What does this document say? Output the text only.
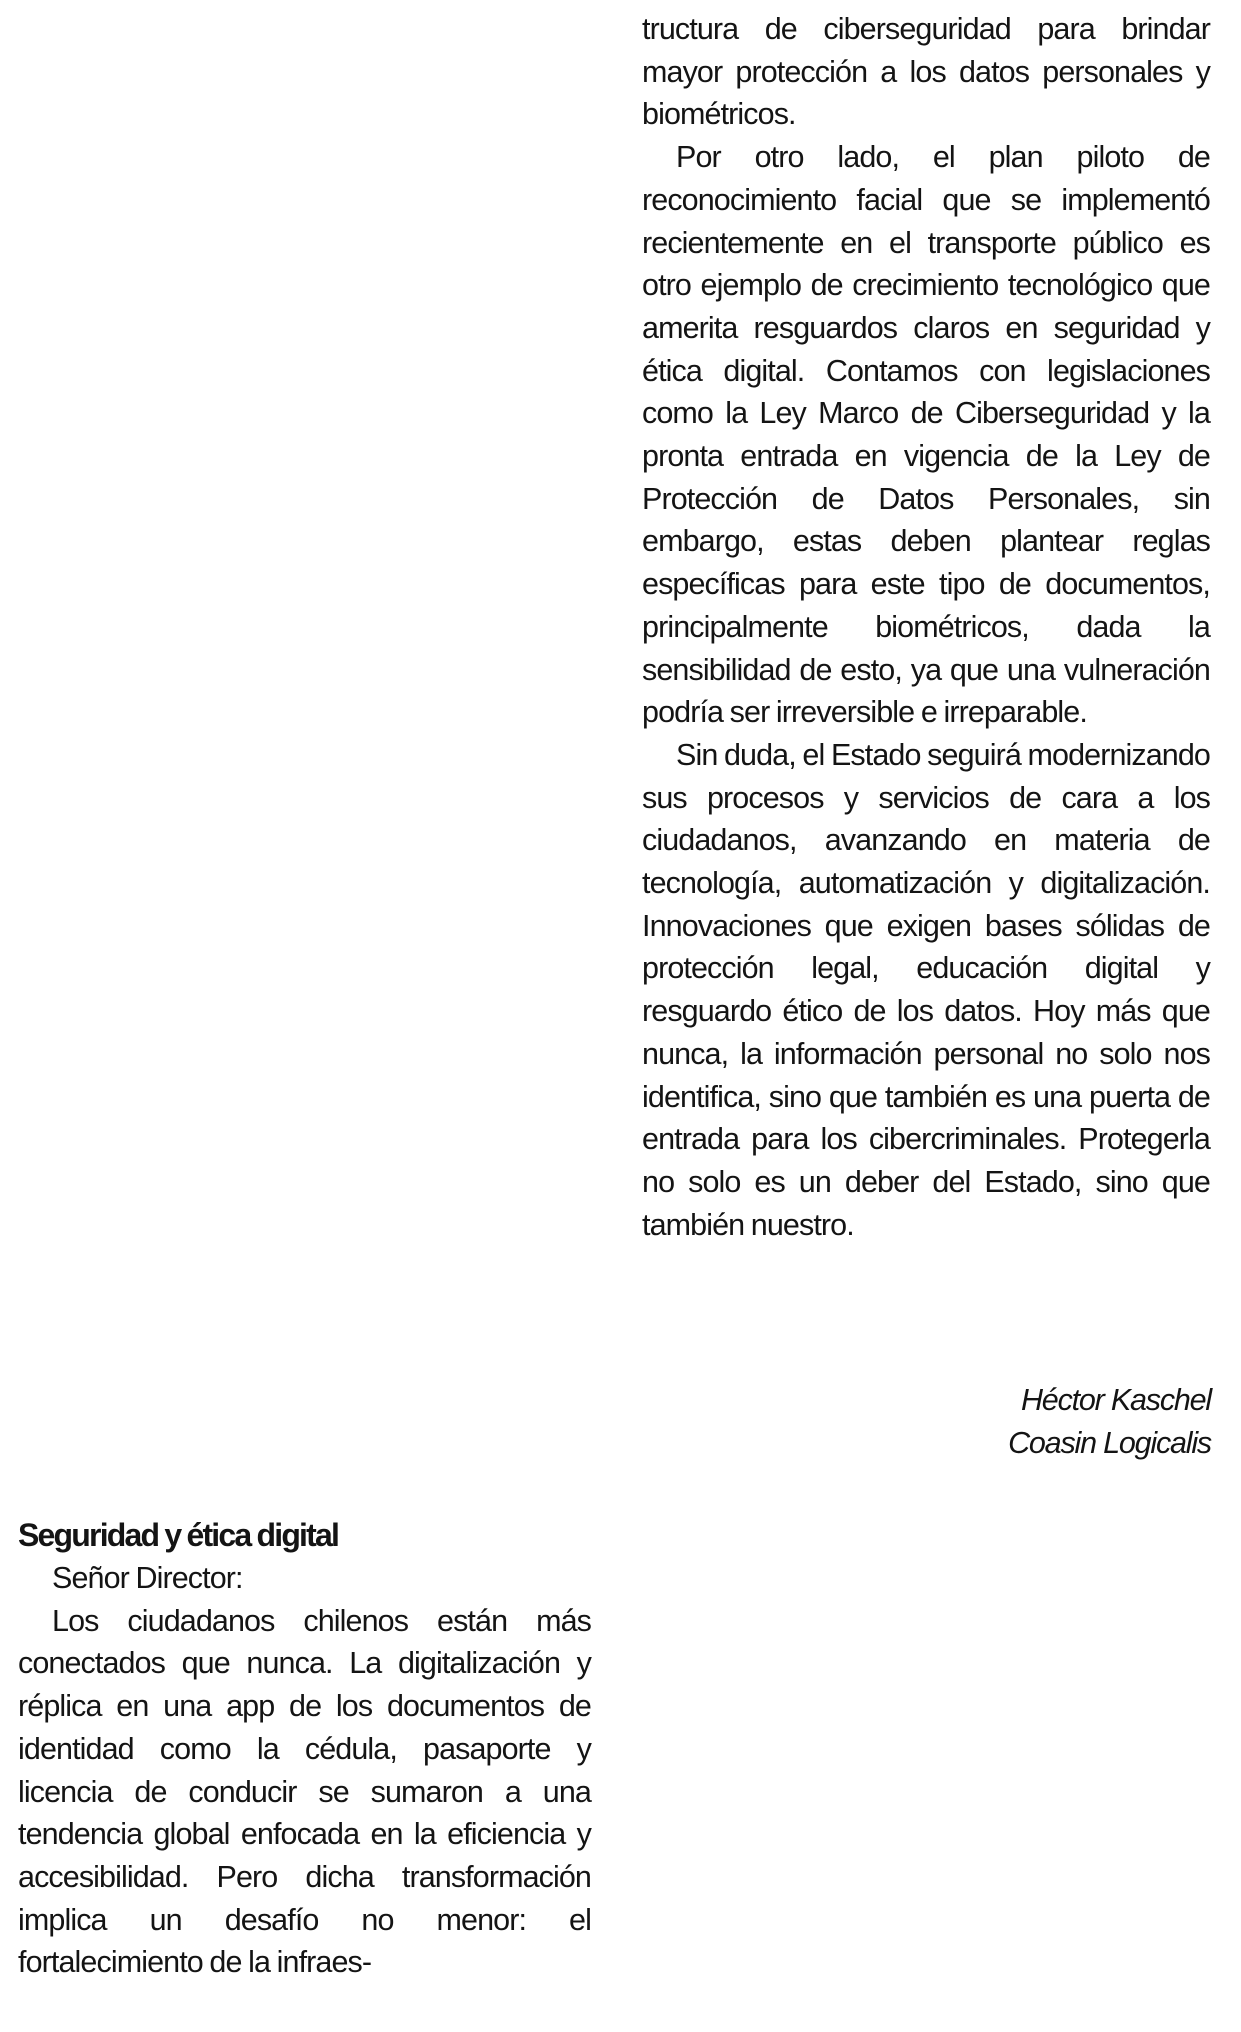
tructura de ciberseguridad para brindar mayor protección a los datos personales y biométricos.

Por otro lado, el plan piloto de reconocimiento facial que se implementó recientemente en el transporte público es otro ejemplo de crecimiento tecnológico que amerita resguardos claros en seguridad y ética digital. Contamos con legislaciones como la Ley Marco de Ciberseguridad y la pronta entrada en vigencia de la Ley de Protección de Datos Personales, sin embargo, estas deben plantear reglas específicas para este tipo de documentos, principalmente biométricos, dada la sensibilidad de esto, ya que una vulneración podría ser irreversible e irreparable.

Sin duda, el Estado seguirá modernizando sus procesos y servicios de cara a los ciudadanos, avanzando en materia de tecnología, automatización y digitalización. Innovaciones que exigen bases sólidas de protección legal, educación digital y resguardo ético de los datos. Hoy más que nunca, la información personal no solo nos identifica, sino que también es una puerta de entrada para los cibercriminales. Protegerla no solo es un deber del Estado, sino que también nuestro.

Héctor Kaschel
Coasin Logicalis

Seguridad y ética digital

Señor Director:

Los ciudadanos chilenos están más conectados que nunca. La digitalización y réplica en una app de los documentos de identidad como la cédula, pasaporte y licencia de conducir se sumaron a una tendencia global enfocada en la eficiencia y accesibilidad. Pero dicha transformación implica un desafío no menor: el fortalecimiento de la infraes-
